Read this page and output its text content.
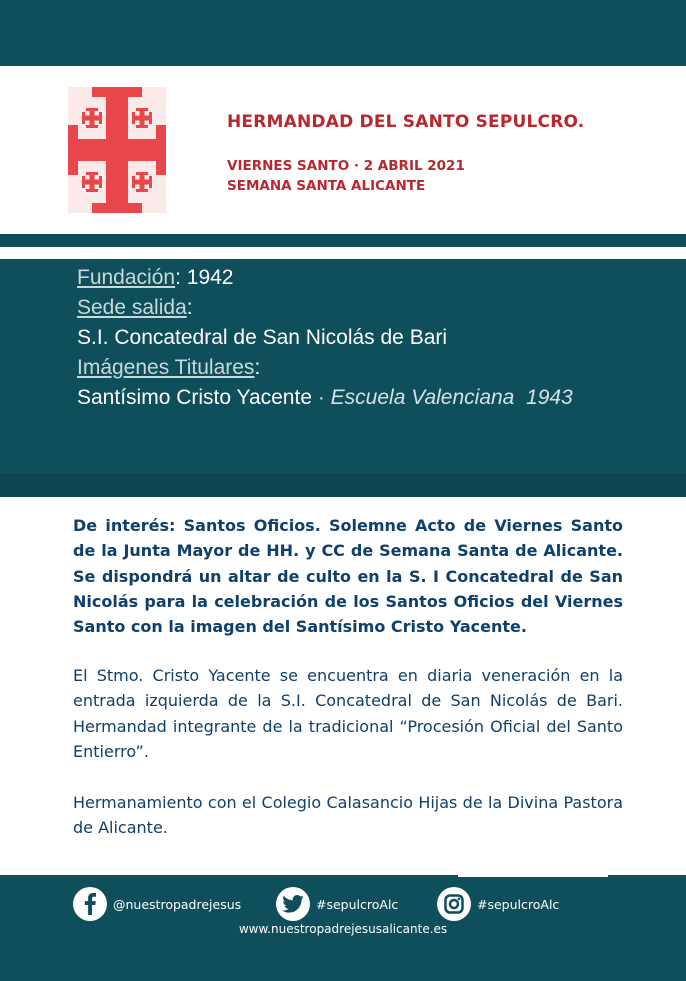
HERMANDAD DEL SANTO SEPULCRO.
VIERNES SANTO · 2 ABRIL 2021
SEMANA SANTA ALICANTE
Fundación: 1942
Sede salida:
S.I. Concatedral de San Nicolás de Bari
Imágenes Titulares:
Santísimo Cristo Yacente · Escuela Valenciana  1943
De interés: Santos Oficios. Solemne Acto de Viernes Santo de la Junta Mayor de HH. y CC de Semana Santa de Alicante. Se dispondrá un altar de culto en la S. I Concatedral de San Nicolás para la celebración de los Santos Oficios del Viernes Santo con la imagen del Santísimo Cristo Yacente.
El Stmo. Cristo Yacente se encuentra en diaria veneración en la entrada izquierda de la S.I. Concatedral de San Nicolás de Bari. Hermandad integrante de la tradicional “Procesión Oficial del Santo Entierro”.
Hermanamiento con el Colegio Calasancio Hijas de la Divina Pastora de Alicante.
@nuestropadrejesus	#sepulcroAlc	#sepulcroAlc
www.nuestropadrejesusalicante.es
